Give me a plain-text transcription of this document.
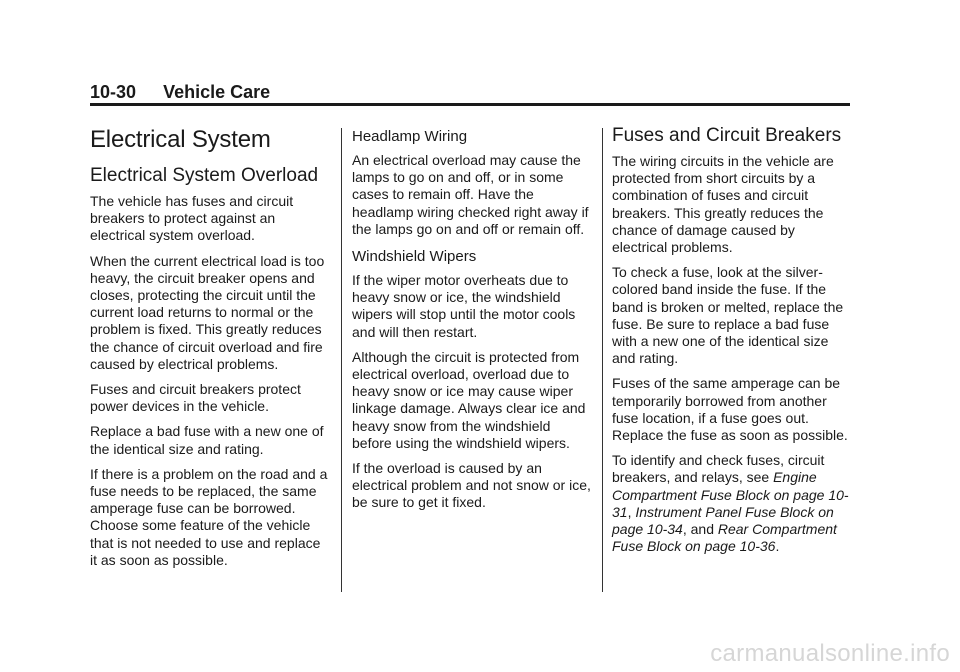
10-30 Vehicle Care
Electrical System
Electrical System Overload

The vehicle has fuses and circuit breakers to protect against an electrical system overload.

When the current electrical load is too heavy, the circuit breaker opens and closes, protecting the circuit until the current load returns to normal or the problem is fixed. This greatly reduces the chance of circuit overload and fire caused by electrical problems.

Fuses and circuit breakers protect power devices in the vehicle.

Replace a bad fuse with a new one of the identical size and rating.

If there is a problem on the road and a fuse needs to be replaced, the same amperage fuse can be borrowed. Choose some feature of the vehicle that is not needed to use and replace it as soon as possible.

Headlamp Wiring

An electrical overload may cause the lamps to go on and off, or in some cases to remain off. Have the headlamp wiring checked right away if the lamps go on and off or remain off.

Windshield Wipers

If the wiper motor overheats due to heavy snow or ice, the windshield wipers will stop until the motor cools and will then restart.

Although the circuit is protected from electrical overload, overload due to heavy snow or ice may cause wiper linkage damage. Always clear ice and heavy snow from the windshield before using the windshield wipers.

If the overload is caused by an electrical problem and not snow or ice, be sure to get it fixed.

Fuses and Circuit Breakers

The wiring circuits in the vehicle are protected from short circuits by a combination of fuses and circuit breakers. This greatly reduces the chance of damage caused by electrical problems.

To check a fuse, look at the silver-colored band inside the fuse. If the band is broken or melted, replace the fuse. Be sure to replace a bad fuse with a new one of the identical size and rating.

Fuses of the same amperage can be temporarily borrowed from another fuse location, if a fuse goes out. Replace the fuse as soon as possible.

To identify and check fuses, circuit breakers, and relays, see Engine Compartment Fuse Block on page 10-31, Instrument Panel Fuse Block on page 10-34, and Rear Compartment Fuse Block on page 10-36.

carmanualsonline.info
